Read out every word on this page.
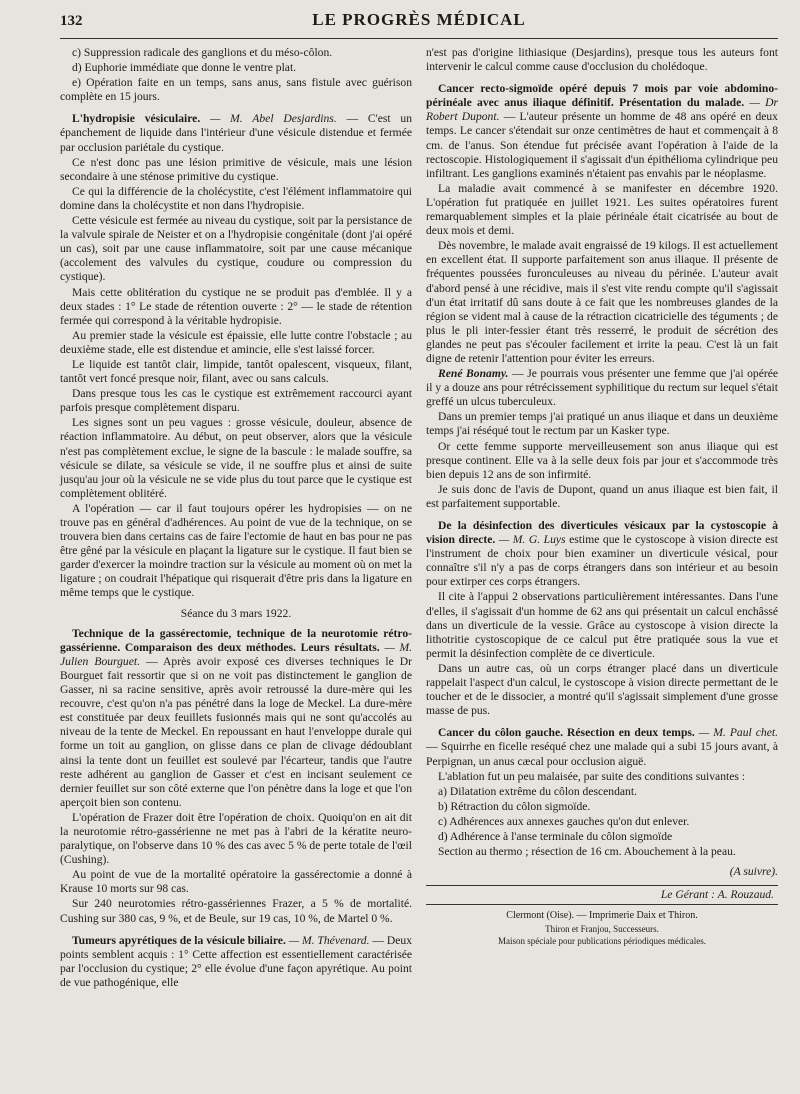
132	LE PROGRÈS MÉDICAL

c) Suppression radicale des ganglions et du méso-côlon.

d) Euphorie immédiate que donne le ventre plat.

e) Opération faite en un temps, sans anus, sans fistule avec guérison complète en 15 jours.

L'hydropisie vésiculaire. — M. Abel Desjardins. — C'est un épanchement de liquide dans l'intérieur d'une vésicule distendue et fermée par occlusion pariétale du cystique.

Ce n'est donc pas une lésion primitive de vésicule, mais une lésion secondaire à une sténose primitive du cystique.

Ce qui la différencie de la cholécystite, c'est l'élément inflammatoire qui domine dans la cholécystite et non dans l'hydropisie.

Cette vésicule est fermée au niveau du cystique, soit par la persistance de la valvule spirale de Neister et on a l'hydropisie congénitale (dont j'ai opéré un cas), soit par une cause inflammatoire, soit par une cause mécanique (accolement des valvules du cystique, coudure ou compression du cystique).

Mais cette oblitération du cystique ne se produit pas d'emblée. Il y a deux stades : 1° Le stade de rétention ouverte : 2° — le stade de rétention fermée qui correspond à la véritable hydropisie.

Au premier stade la vésicule est épaissie, elle lutte contre l'obstacle ; au deuxième stade, elle est distendue et amincie, elle s'est laissé forcer.

Le liquide est tantôt clair, limpide, tantôt opalescent, visqueux, filant, tantôt vert foncé presque noir, filant, avec ou sans calculs.

Dans presque tous les cas le cystique est extrêmement raccourci ayant parfois presque complètement disparu.

Les signes sont un peu vagues : grosse vésicule, douleur, absence de réaction inflammatoire. Au début, on peut observer, alors que la vésicule n'est pas complètement exclue, le signe de la bascule : le malade souffre, sa vésicule se dilate, sa vésicule se vide, il ne souffre plus et ainsi de suite jusqu'au jour où la vésicule ne se vide plus du tout parce que le cystique est complètement oblitéré.

A l'opération — car il faut toujours opérer les hydropisies — on ne trouve pas en général d'adhérences. Au point de vue de la technique, on se trouvera bien dans certains cas de faire l'ectomie de haut en bas pour ne pas être gêné par la vésicule en plaçant la ligature sur le cystique. Il faut bien se garder d'exercer la moindre traction sur la vésicule au moment où on met la ligature ; on coudrait l'hépatique qui risquerait d'être pris dans la ligature en même temps que le cystique.

Séance du 3 mars 1922.

Technique de la gassérectomie, technique de la neurotomie rétro-gassérienne. Comparaison des deux méthodes. Leurs résultats. — M. Julien Bourguet. — Après avoir exposé ces diverses techniques le Dr Bourguet fait ressortir que si on ne voit pas distinctement le ganglion de Gasser, ni sa racine sensitive, après avoir retroussé la dure-mère qui les recouvre, c'est qu'on n'a pas pénétré dans la loge de Meckel. La dure-mère est constituée par deux feuillets fusionnés mais qui ne sont qu'accolés au niveau de la tente de Meckel. En repoussant en haut l'enveloppe durale qui forme un toit au ganglion, on glisse dans ce plan de clivage dédoublant ainsi la tente dont un feuillet est soulevé par l'écarteur, tandis que l'autre reste adhérent au ganglion de Gasser et c'est en incisant seulement ce dernier feuillet sur son côté externe que l'on pénètre dans la loge et que l'on aperçoit bien son contenu.

L'opération de Frazer doit être l'opération de choix. Quoiqu'on en ait dit la neurotomie rétro-gassérienne ne met pas à l'abri de la kératite neuro-paralytique, on l'observe dans 10 % des cas avec 5 % de perte totale de l'œil (Cushing).

Au point de vue de la mortalité opératoire la gassérectomie a donné à Krause 10 morts sur 98 cas.

Sur 240 neurotomies rétro-gassériennes Frazer, a 5 % de mortalité. Cushing sur 380 cas, 9 %, et de Beule, sur 19 cas, 10 %, de Martel 0 %.

Tumeurs apyrétiques de la vésicule biliaire. — M. Thévenard. — Deux points semblent acquis : 1° Cette affection est essentiellement caractérisée par l'occlusion du cystique; 2° elle évolue d'une façon apyrétique. Au point de vue pathogénique, elle

n'est pas d'origine lithiasique (Desjardins), presque tous les auteurs font intervenir le calcul comme cause d'occlusion du cholédoque.

Cancer recto-sigmoïde opéré depuis 7 mois par voie abdomino-périnéale avec anus iliaque définitif. Présentation du malade. — Dr Robert Dupont. — L'auteur présente un homme de 48 ans opéré en deux temps. Le cancer s'étendait sur onze centimètres de haut et commençait à 8 cm. de l'anus. Son étendue fut précisée avant l'opération à l'aide de la rectoscopie. Histologiquement il s'agissait d'un épithélioma cylindrique peu infiltrant. Les ganglions examinés n'étaient pas envahis par le néoplasme.

La maladie avait commencé à se manifester en décembre 1920. L'opération fut pratiquée en juillet 1921. Les suites opératoires furent remarquablement simples et la plaie périnéale était cicatrisée au bout de deux mois et demi.

Dès novembre, le malade avait engraissé de 19 kilogs. Il est actuellement en excellent état. Il supporte parfaitement son anus iliaque. Il présente de fréquentes poussées furonculeuses au niveau du périnée. L'auteur avait d'abord pensé à une récidive, mais il s'est vite rendu compte qu'il s'agissait d'un état irritatif dû sans doute à ce fait que les nombreuses glandes de la région se vident mal à cause de la rétraction cicatricielle des téguments ; de plus le pli inter-fessier étant très resserré, le produit de sécrétion des glandes ne peut pas s'écouler facilement et irrite la peau. C'est là un fait digne de retenir l'attention pour éviter les erreurs.

René Bonamy. — Je pourrais vous présenter une femme que j'ai opérée il y a douze ans pour rétrécissement syphilitique du rectum sur lequel s'était greffé un ulcus tuberculeux.

Dans un premier temps j'ai pratiqué un anus iliaque et dans un deuxième temps j'ai réséqué tout le rectum par un Kasker type.

Or cette femme supporte merveilleusement son anus iliaque qui est presque continent. Elle va à la selle deux fois par jour et s'accommode très bien depuis 12 ans de son infirmité.

Je suis donc de l'avis de Dupont, quand un anus iliaque est bien fait, il est parfaitement supportable.

De la désinfection des diverticules vésicaux par la cystoscopie à vision directe. — M. G. Luys estime que le cystoscope à vision directe est l'instrument de choix pour bien examiner un diverticule vésical, pour connaître s'il n'y a pas de corps étrangers dans son intérieur et au besoin pour extirper ces corps étrangers.

Il cite à l'appui 2 observations particulièrement intéressantes. Dans l'une d'elles, il s'agissait d'un homme de 62 ans qui présentait un calcul enchâssé dans un diverticule de la vessie. Grâce au cystoscope à vision directe la lithotritie cystoscopique de ce calcul put être pratiquée sous la vue et permit la désinfection complète de ce diverticule.

Dans un autre cas, où un corps étranger placé dans un diverticule rappelait l'aspect d'un calcul, le cystoscope à vision directe permettant de le toucher et de le dissocier, a montré qu'il s'agissait simplement d'une grosse masse de pus.

Cancer du côlon gauche. Résection en deux temps. — M. Paul chet. — Squirrhe en ficelle reséqué chez une malade qui a subi 15 jours avant, à Perpignan, un anus cæcal pour occlusion aiguë.

L'ablation fut un peu malaisée, par suite des conditions suivantes :

a) Dilatation extrême du côlon descendant.

b) Rétraction du côlon sigmoïde.

c) Adhérences aux annexes gauches qu'on dut enlever.

d) Adhérence à l'anse terminale du côlon sigmoïde

Section au thermo ; résection de 16 cm. Abouchement à la peau.

(A suivre).

Le Gérant : A. Rouzaud.
Clermont (Oise). — Imprimerie Daix et Thiron.
Thiron et Franjou, Successeurs.
Maison spéciale pour publications périodiques médicales.
